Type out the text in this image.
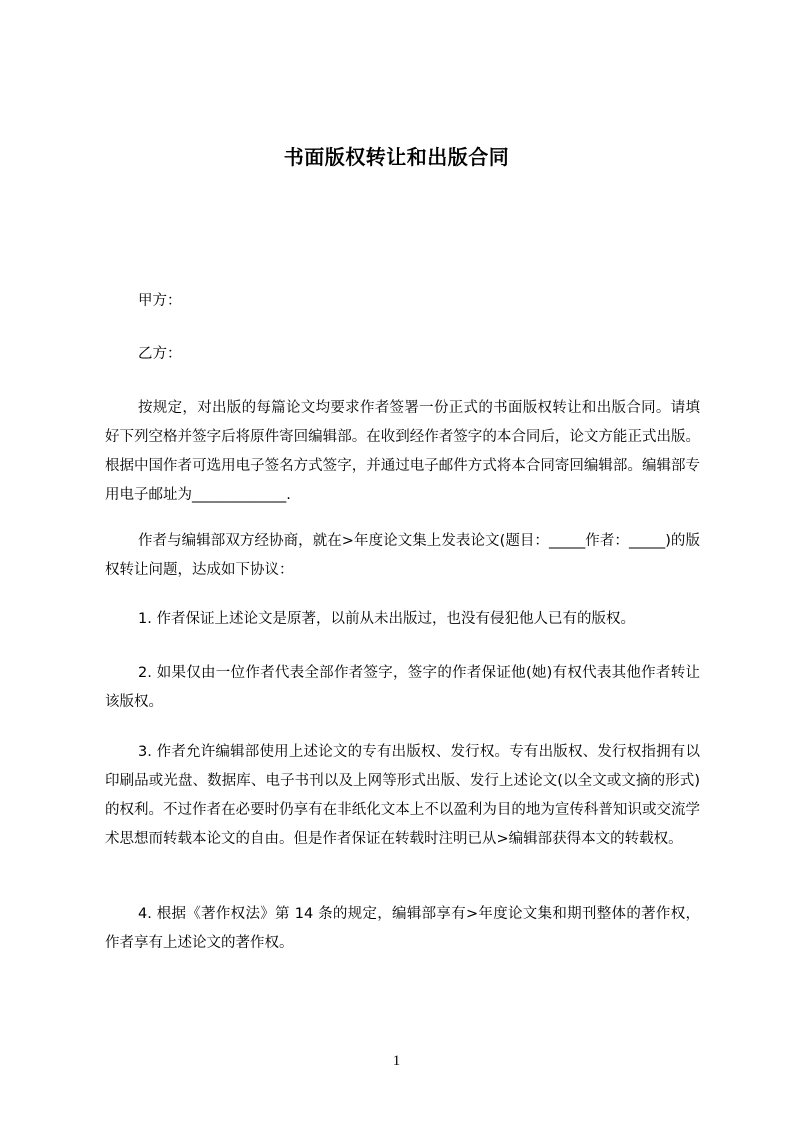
书面版权转让和出版合同
甲方：
乙方：
按规定，对出版的每篇论文均要求作者签署一份正式的书面版权转让和出版合同。请填好下列空格并签字后将原件寄回编辑部。在收到经作者签字的本合同后，论文方能正式出版。根据中国作者可选用电子签名方式签字，并通过电子邮件方式将本合同寄回编辑部。编辑部专用电子邮址为_____________.
作者与编辑部双方经协商，就在>年度论文集上发表论文(题目：_____作者：_____)的版权转让问题，达成如下协议：
1. 作者保证上述论文是原著，以前从未出版过，也没有侵犯他人已有的版权。
2. 如果仅由一位作者代表全部作者签字，签字的作者保证他(她)有权代表其他作者转让该版权。
3. 作者允许编辑部使用上述论文的专有出版权、发行权。专有出版权、发行权指拥有以印刷品或光盘、数据库、电子书刊以及上网等形式出版、发行上述论文(以全文或文摘的形式)的权利。不过作者在必要时仍享有在非纸化文本上不以盈利为目的地为宣传科普知识或交流学术思想而转载本论文的自由。但是作者保证在转载时注明已从>编辑部获得本文的转载权。
4. 根据《著作权法》第 14 条的规定，编辑部享有>年度论文集和期刊整体的著作权，作者享有上述论文的著作权。
1
